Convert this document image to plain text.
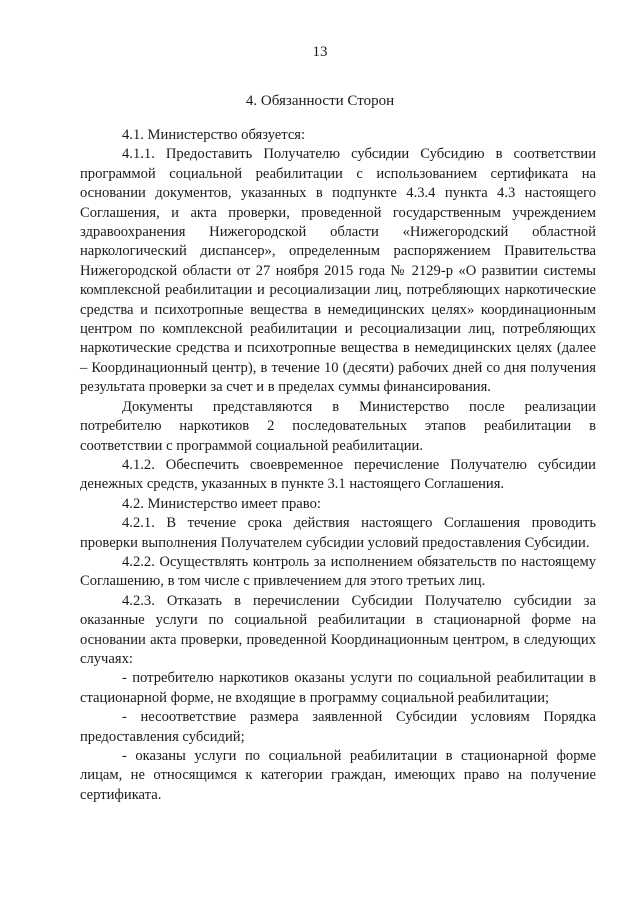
13
4. Обязанности Сторон

4.1. Министерство обязуется:

4.1.1. Предоставить Получателю субсидии Субсидию в соответствии программой социальной реабилитации с использованием сертификата на основании документов, указанных в подпункте 4.3.4 пункта 4.3 настоящего Соглашения, и акта проверки, проведенной государственным учреждением здравоохранения Нижегородской области «Нижегородский областной наркологический диспансер», определенным распоряжением Правительства Нижегородской области от 27 ноября 2015 года № 2129-р «О развитии системы комплексной реабилитации и ресоциализации лиц, потребляющих наркотические средства и психотропные вещества в немедицинских целях» координационным центром по комплексной реабилитации и ресоциализации лиц, потребляющих наркотические средства и психотропные вещества в немедицинских целях (далее – Координационный центр), в течение 10 (десяти) рабочих дней со дня получения результата проверки за счет и в пределах суммы финансирования.

Документы представляются в Министерство после реализации потребителю наркотиков 2 последовательных этапов реабилитации в соответствии с программой социальной реабилитации.

4.1.2. Обеспечить своевременное перечисление Получателю субсидии денежных средств, указанных в пункте 3.1 настоящего Соглашения.

4.2. Министерство имеет право:

4.2.1. В течение срока действия настоящего Соглашения проводить проверки выполнения Получателем субсидии условий предоставления Субсидии.

4.2.2. Осуществлять контроль за исполнением обязательств по настоящему Соглашению, в том числе с привлечением для этого третьих лиц.

4.2.3. Отказать в перечислении Субсидии Получателю субсидии за оказанные услуги по социальной реабилитации в стационарной форме на основании акта проверки, проведенной Координационным центром, в следующих случаях:

- потребителю наркотиков оказаны услуги по социальной реабилитации в стационарной форме, не входящие в программу социальной реабилитации;

- несоответствие размера заявленной Субсидии условиям Порядка предоставления субсидий;

- оказаны услуги по социальной реабилитации в стационарной форме лицам, не относящимся к категории граждан, имеющих право на получение сертификата.
